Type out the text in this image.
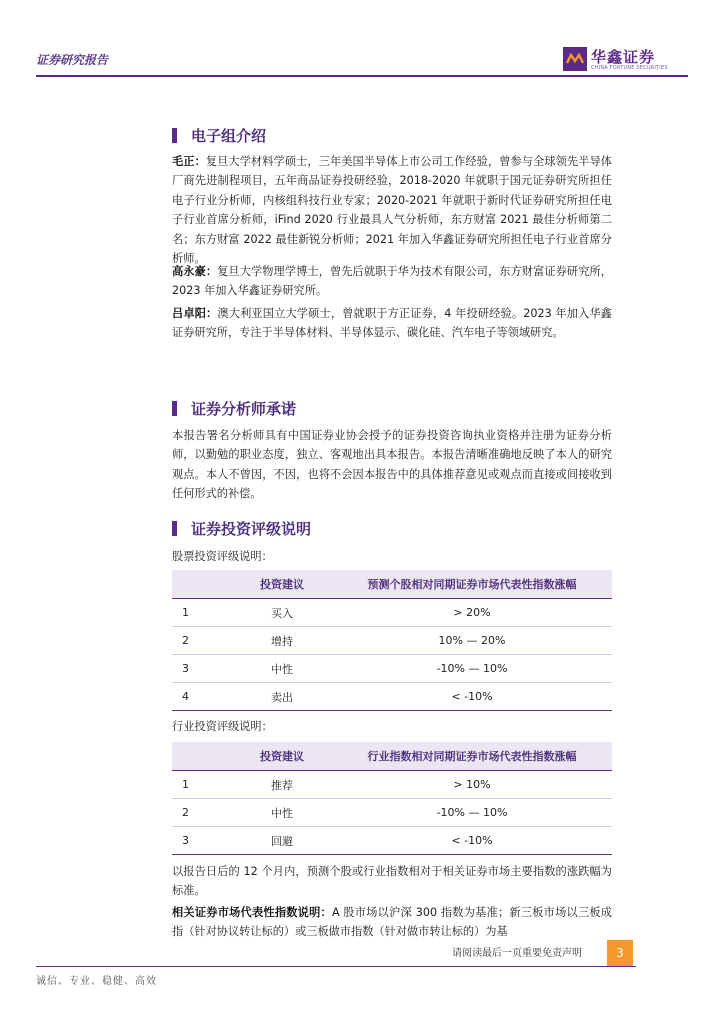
证券研究报告	华鑫证券
CHINA FORTUNE SECURITIES
电子组介绍
毛正：复旦大学材料学硕士，三年美国半导体上市公司工作经验，曾参与全球领先半导体厂商先进制程项目，五年商品证券投研经验，2018-2020 年就职于国元证券研究所担任电子行业分析师，内核组科技行业专家；2020-2021 年就职于新时代证券研究所担任电子行业首席分析师，iFind 2020 行业最具人气分析师，东方财富 2021 最佳分析师第二名；东方财富 2022 最佳新锐分析师；2021 年加入华鑫证券研究所担任电子行业首席分析师。
高永豪：复旦大学物理学博士，曾先后就职于华为技术有限公司，东方财富证券研究所，2023 年加入华鑫证券研究所。
吕卓阳：澳大利亚国立大学硕士，曾就职于方正证券，4 年投研经验。2023 年加入华鑫证券研究所，专注于半导体材料、半导体显示、碳化硅、汽车电子等领域研究。
证券分析师承诺
本报告署名分析师具有中国证券业协会授予的证券投资咨询执业资格并注册为证券分析师，以勤勉的职业态度，独立、客观地出具本报告。本报告清晰准确地反映了本人的研究观点。本人不曾因，不因，也将不会因本报告中的具体推荐意见或观点而直接或间接收到任何形式的补偿。
证券投资评级说明
股票投资评级说明：
	投资建议	预测个股相对同期证券市场代表性指数涨幅
1	买入	> 20%
2	增持	10% — 20%
3	中性	-10% — 10%
4	卖出	< -10%
行业投资评级说明：
	投资建议	行业指数相对同期证券市场代表性指数涨幅
1	推荐	> 10%
2	中性	-10% — 10%
3	回避	< -10%
以报告日后的 12 个月内，预测个股或行业指数相对于相关证券市场主要指数的涨跌幅为标准。
相关证券市场代表性指数说明：A 股市场以沪深 300 指数为基准；新三板市场以三板成指（针对协议转让标的）或三板做市指数（针对做市转让标的）为基
请阅读最后一页重要免责声明	3
诚信、专业、稳健、高效
